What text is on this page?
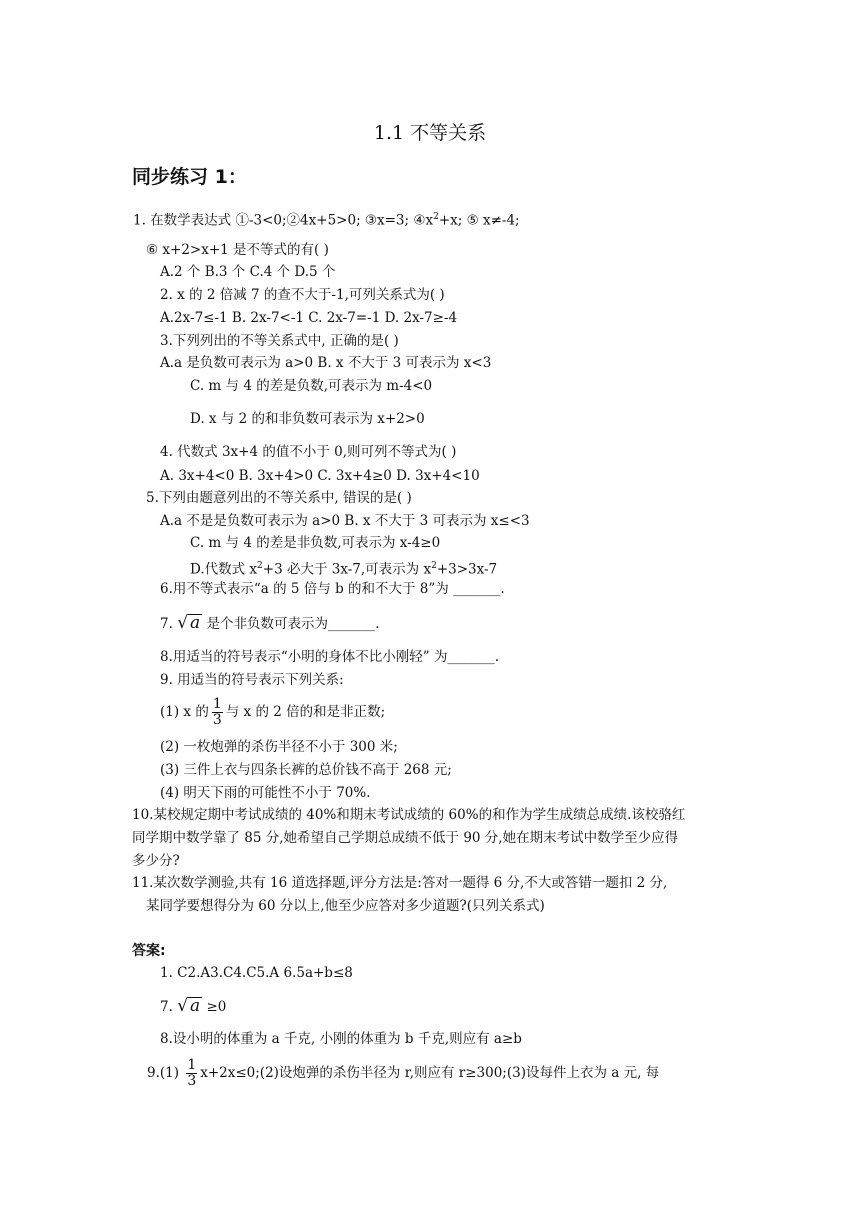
1.1 不等关系
同步练习 1：
1. 在数学表达式 ①-3<0;②4x+5>0; ③x=3; $④x^2+x$; ⑤ x≠-4;
⑥ x+2>x+1 是不等式的有( )
A.2 个 B.3 个 C.4 个 D.5 个
2. x 的 2 倍减 7 的查不大于-1,可列关系式为( )
A.2x-7≤-1 B. 2x-7<-1 C. 2x-7=-1 D. 2x-7≥-4
3.下列列出的不等关系式中, 正确的是( )
A.a 是负数可表示为 a>0 B. x 不大于 3 可表示为 x<3
C. m 与 4 的差是负数,可表示为 m-4<0
D. x 与 2 的和非负数可表示为 x+2>0
4. 代数式 3x+4 的值不小于 0,则可列不等式为( )
A. 3x+4<0 B. 3x+4>0 C. 3x+4≥0 D. 3x+4<10
5.下列由题意列出的不等关系中, 错误的是( )
A.a 不是是负数可表示为 a>0 B. x 不大于 3 可表示为 x≤<3
C. m 与 4 的差是非负数,可表示为 x-4≥0
D.代数式 $x^2+3$ 必大于 3x-7,可表示为 $x^2+3>3x-7$
6.用不等式表示“a 的 5 倍与 b 的和不大于 8”为 _______.
7. √ a 是个非负数可表示为_______.
8.用适当的符号表示“小明的身体不比小刚轻” 为_______.
9. 用适当的符号表示下列关系:
(1) x 的 $\frac{1}{3}$ 与 x 的 2 倍的和是非正数;
(2) 一枚炮弹的杀伤半径不小于 300 米;
(3) 三件上衣与四条长裤的总价钱不高于 268 元;
(4) 明天下雨的可能性不小于 70%.
10.某校规定期中考试成绩的 40%和期末考试成绩的 60%的和作为学生成绩总成绩.该校骆红
同学期中数学靠了 85 分,她希望自己学期总成绩不低于 90 分,她在期末考试中数学至少应得
多少分?
11.某次数学测验,共有 16 道选择题,评分方法是:答对一题得 6 分,不大或答错一题扣 2 分,
某同学要想得分为 60 分以上,他至少应答对多少道题?(只列关系式)
答案:
1. C2.A3.C4.C5.A 6.5a+b≤8
7. √ a ≥0
8.设小明的体重为 a 千克, 小刚的体重为 b 千克,则应有 a≥b
$9.(1) \frac{1}{3}$ x+2x≤0;(2)设炮弹的杀伤半径为 r,则应有 r≥300;(3)设每件上衣为 a 元, 每
